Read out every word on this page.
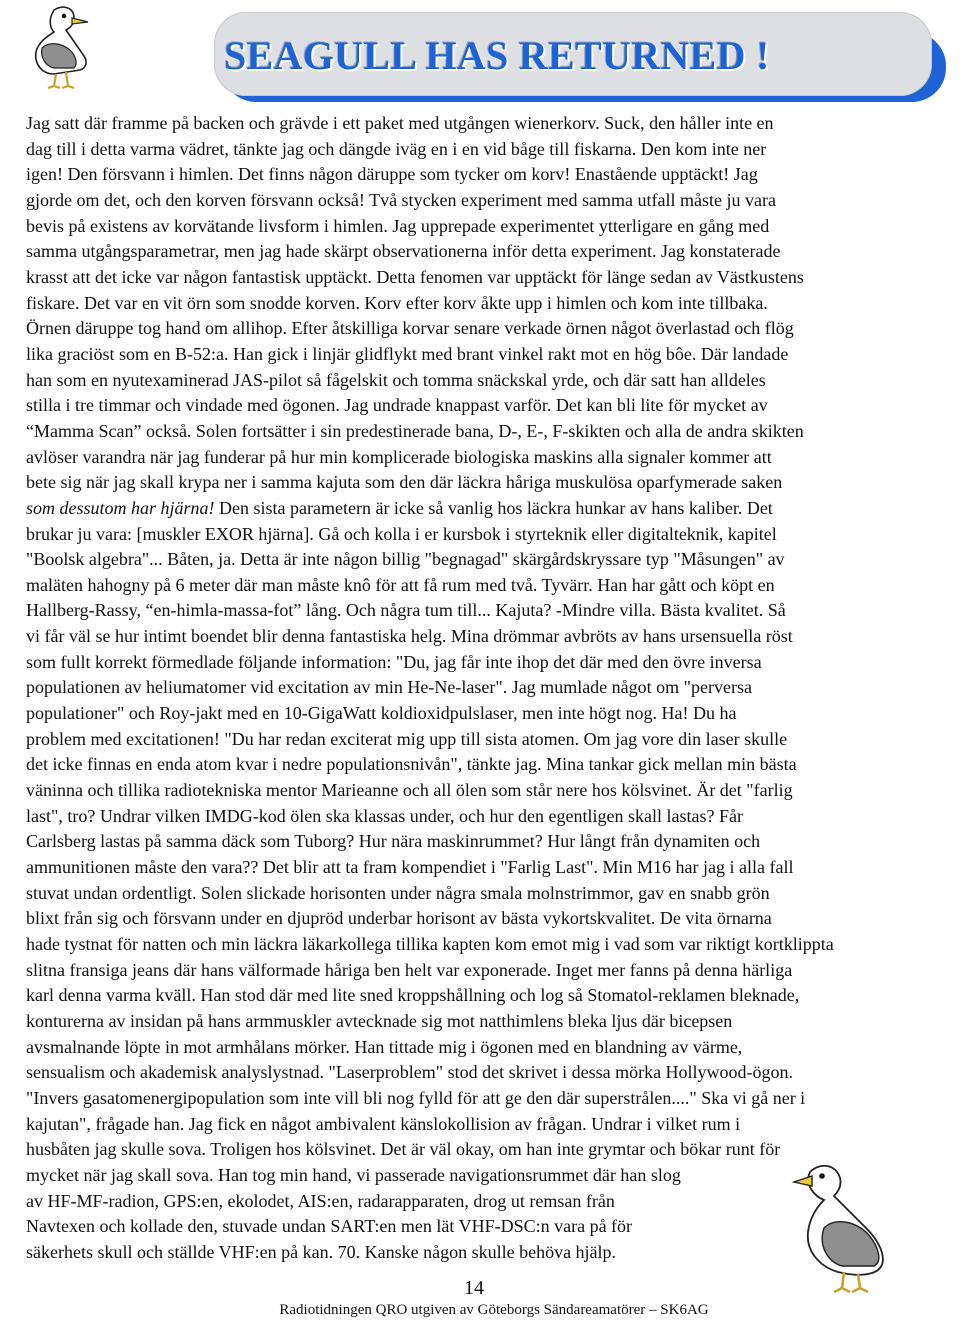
SEAGULL HAS RETURNED !
Jag satt där framme på backen och grävde i ett paket med utgången wienerkorv. Suck, den håller inte en
dag till i detta varma vädret, tänkte jag och dängde iväg en i en vid båge till fiskarna. Den kom inte ner
igen! Den försvann i himlen. Det finns någon däruppe som tycker om korv! Enastående upptäckt! Jag
gjorde om det, och den korven försvann också! Två stycken experiment med samma utfall måste ju vara
bevis på existens av korvätande livsform i himlen. Jag upprepade experimentet ytterligare en gång med
samma utgångsparametrar, men jag hade skärpt observationerna inför detta experiment. Jag konstaterade
krasst att det icke var någon fantastisk upptäckt. Detta fenomen var upptäckt för länge sedan av Västkustens
fiskare. Det var en vit örn som snodde korven. Korv efter korv åkte upp i himlen och kom inte tillbaka.
Örnen däruppe tog hand om allihop. Efter åtskilliga korvar senare verkade örnen något överlastad och flög
lika graciöst som en B-52:a. Han gick i linjär glidflykt med brant vinkel rakt mot en hög bôe. Där landade
han som en nyutexaminerad JAS-pilot så fågelskit och tomma snäckskal yrde, och där satt han alldeles
stilla i tre timmar och vindade med ögonen. Jag undrade knappast varför. Det kan bli lite för mycket av
“Mamma Scan” också. Solen fortsätter i sin predestinerade bana, D-, E-, F-skikten och alla de andra skikten
avlöser varandra när jag funderar på hur min komplicerade biologiska maskins alla signaler kommer att
bete sig när jag skall krypa ner i samma kajuta som den där läckra håriga muskulösa oparfymerade saken
som dessutom har hjärna! Den sista parametern är icke så vanlig hos läckra hunkar av hans kaliber. Det
brukar ju vara: [muskler EXOR hjärna]. Gå och kolla i er kursbok i styrteknik eller digitalteknik, kapitel
"Boolsk algebra"... Båten, ja. Detta är inte någon billig "begnagad" skärgårdskryssare typ "Måsungen" av
maläten hahogny på 6 meter där man måste knô för att få rum med två. Tyvärr. Han har gått och köpt en
Hallberg-Rassy, “en-himla-massa-fot” lång. Och några tum till... Kajuta? -Mindre villa. Bästa kvalitet. Så
vi får väl se hur intimt boendet blir denna fantastiska helg. Mina drömmar avbröts av hans ursensuella röst
som fullt korrekt förmedlade följande information: "Du, jag får inte ihop det där med den övre inversa
populationen av heliumatomer vid excitation av min He-Ne-laser". Jag mumlade något om "perversa
populationer" och Roy-jakt med en 10-GigaWatt koldioxidpulslaser, men inte högt nog. Ha! Du ha
problem med excitationen! "Du har redan exciterat mig upp till sista atomen. Om jag vore din laser skulle
det icke finnas en enda atom kvar i nedre populationsnivån", tänkte jag. Mina tankar gick mellan min bästa
väninna och tillika radiotekniska mentor Marieanne och all ölen som står nere hos kölsvinet. Är det "farlig
last", tro? Undrar vilken IMDG-kod ölen ska klassas under, och hur den egentligen skall lastas? Får
Carlsberg lastas på samma däck som Tuborg? Hur nära maskinrummet? Hur långt från dynamiten och
ammunitionen måste den vara?? Det blir att ta fram kompendiet i "Farlig Last". Min M16 har jag i alla fall
stuvat undan ordentligt. Solen slickade horisonten under några smala molnstrimmor, gav en snabb grön
blixt från sig och försvann under en djupröd underbar horisont av bästa vykortskvalitet. De vita örnarna
hade tystnat för natten och min läckra läkarkollega tillika kapten kom emot mig i vad som var riktigt kortklippta
slitna fransiga jeans där hans välformade håriga ben helt var exponerade. Inget mer fanns på denna härliga
karl denna varma kväll. Han stod där med lite sned kroppshållning och log så Stomatol-reklamen bleknade,
konturerna av insidan på hans armmuskler avtecknade sig mot natthimlens bleka ljus där bicepsen
avsmalnande löpte in mot armhålans mörker. Han tittade mig i ögonen med en blandning av värme,
sensualism och akademisk analyslystnad. "Laserproblem" stod det skrivet i dessa mörka Hollywood-ögon.
"Invers gasatomenergipopulation som inte vill bli nog fylld för att ge den där superstrålen...." Ska vi gå ner i
kajutan", frågade han. Jag fick en något ambivalent känslokollision av frågan. Undrar i vilket rum i
husbåten jag skulle sova. Troligen hos kölsvinet. Det är väl okay, om han inte grymtar och bökar runt för
mycket när jag skall sova. Han tog min hand, vi passerade navigationsrummet där han slog
av HF-MF-radion, GPS:en, ekolodet, AIS:en, radarapparaten, drog ut remsan från
Navtexen och kollade den, stuvade undan SART:en men lät VHF-DSC:n vara på för
säkerhets skull och ställde VHF:en på kan. 70. Kanske någon skulle behöva hjälp.
14
Radiotidningen QRO utgiven av Göteborgs Sändareamatörer – SK6AG
